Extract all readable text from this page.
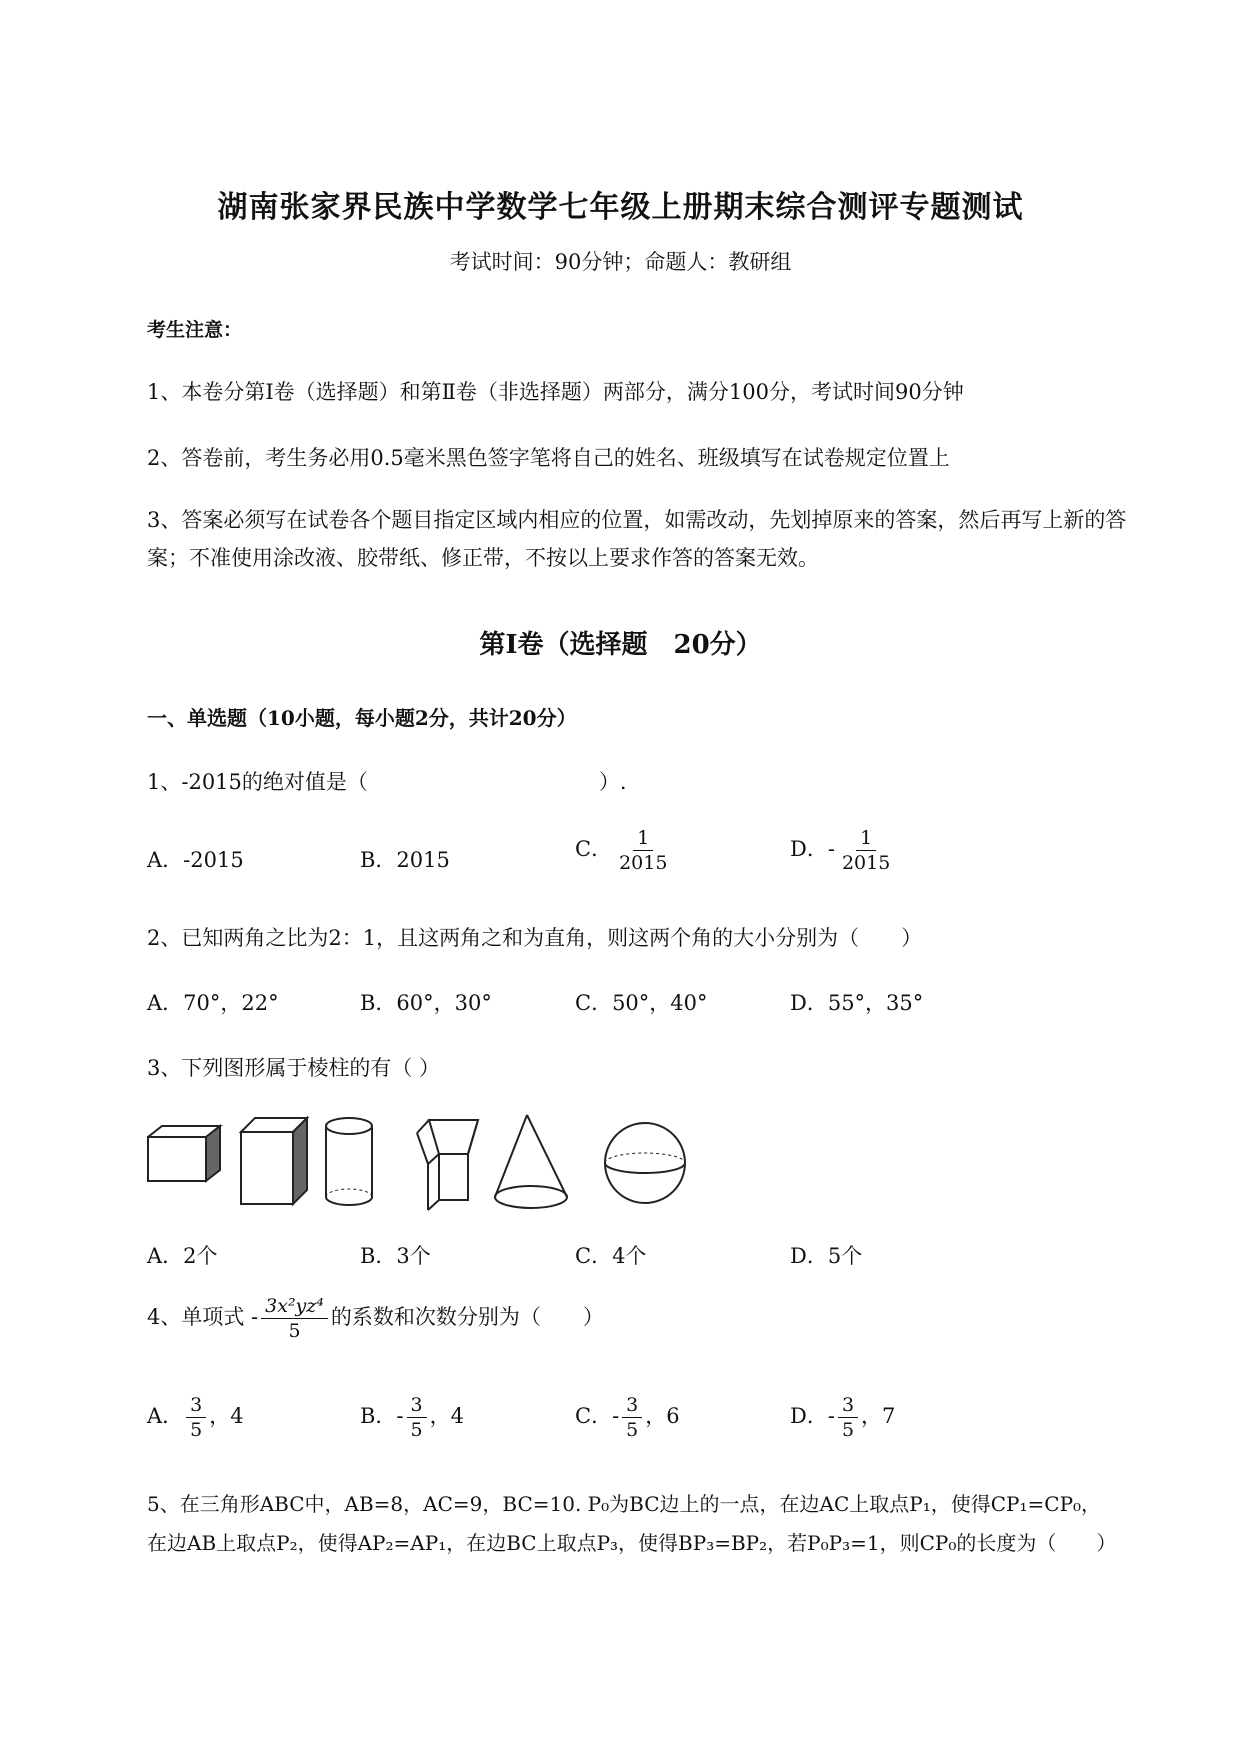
湖南张家界民族中学数学七年级上册期末综合测评专题测试
考试时间：90分钟；命题人：教研组
考生注意：
1、本卷分第I卷（选择题）和第Ⅱ卷（非选择题）两部分，满分100分，考试时间90分钟
2、答卷前，考生务必用0.5毫米黑色签字笔将自己的姓名、班级填写在试卷规定位置上
3、答案必须写在试卷各个题目指定区域内相应的位置，如需改动，先划掉原来的答案，然后再写上新的答案；不准使用涂改液、胶带纸、修正带，不按以上要求作答的答案无效。
第I卷（选择题　20分）
一、单选题（10小题，每小题2分，共计20分）
1、-2015的绝对值是（　　　　　　　　　　　）.
A．-2015	B．2015	C． $\frac{1}{2015}$	D．- $\frac{1}{2015}$
2、已知两角之比为2：1，且这两角之和为直角，则这两个角的大小分别为（　　）
A．70°，22°	B．60°，30°	C．50°，40°	D．55°，35°
3、下列图形属于棱柱的有（ ）
A．2个	B．3个	C．4个	D．5个
4、单项式 - $\frac{\text{3x²yz⁴}}{5}$ 的系数和次数分别为（　　）
A． $\frac{3}{5}$ ，4	B．- $\frac{3}{5}$ ，4	C．- $\frac{3}{5}$ ，6	D．- $\frac{3}{5}$ ，7
5、在三角形ABC中，AB=8，AC=9，BC=10. P₀为BC边上的一点，在边AC上取点P₁，使得CP₁=CP₀，
在边AB上取点P₂，使得AP₂=AP₁，在边BC上取点P₃，使得BP₃=BP₂，若P₀P₃=1，则CP₀的长度为（　　）
